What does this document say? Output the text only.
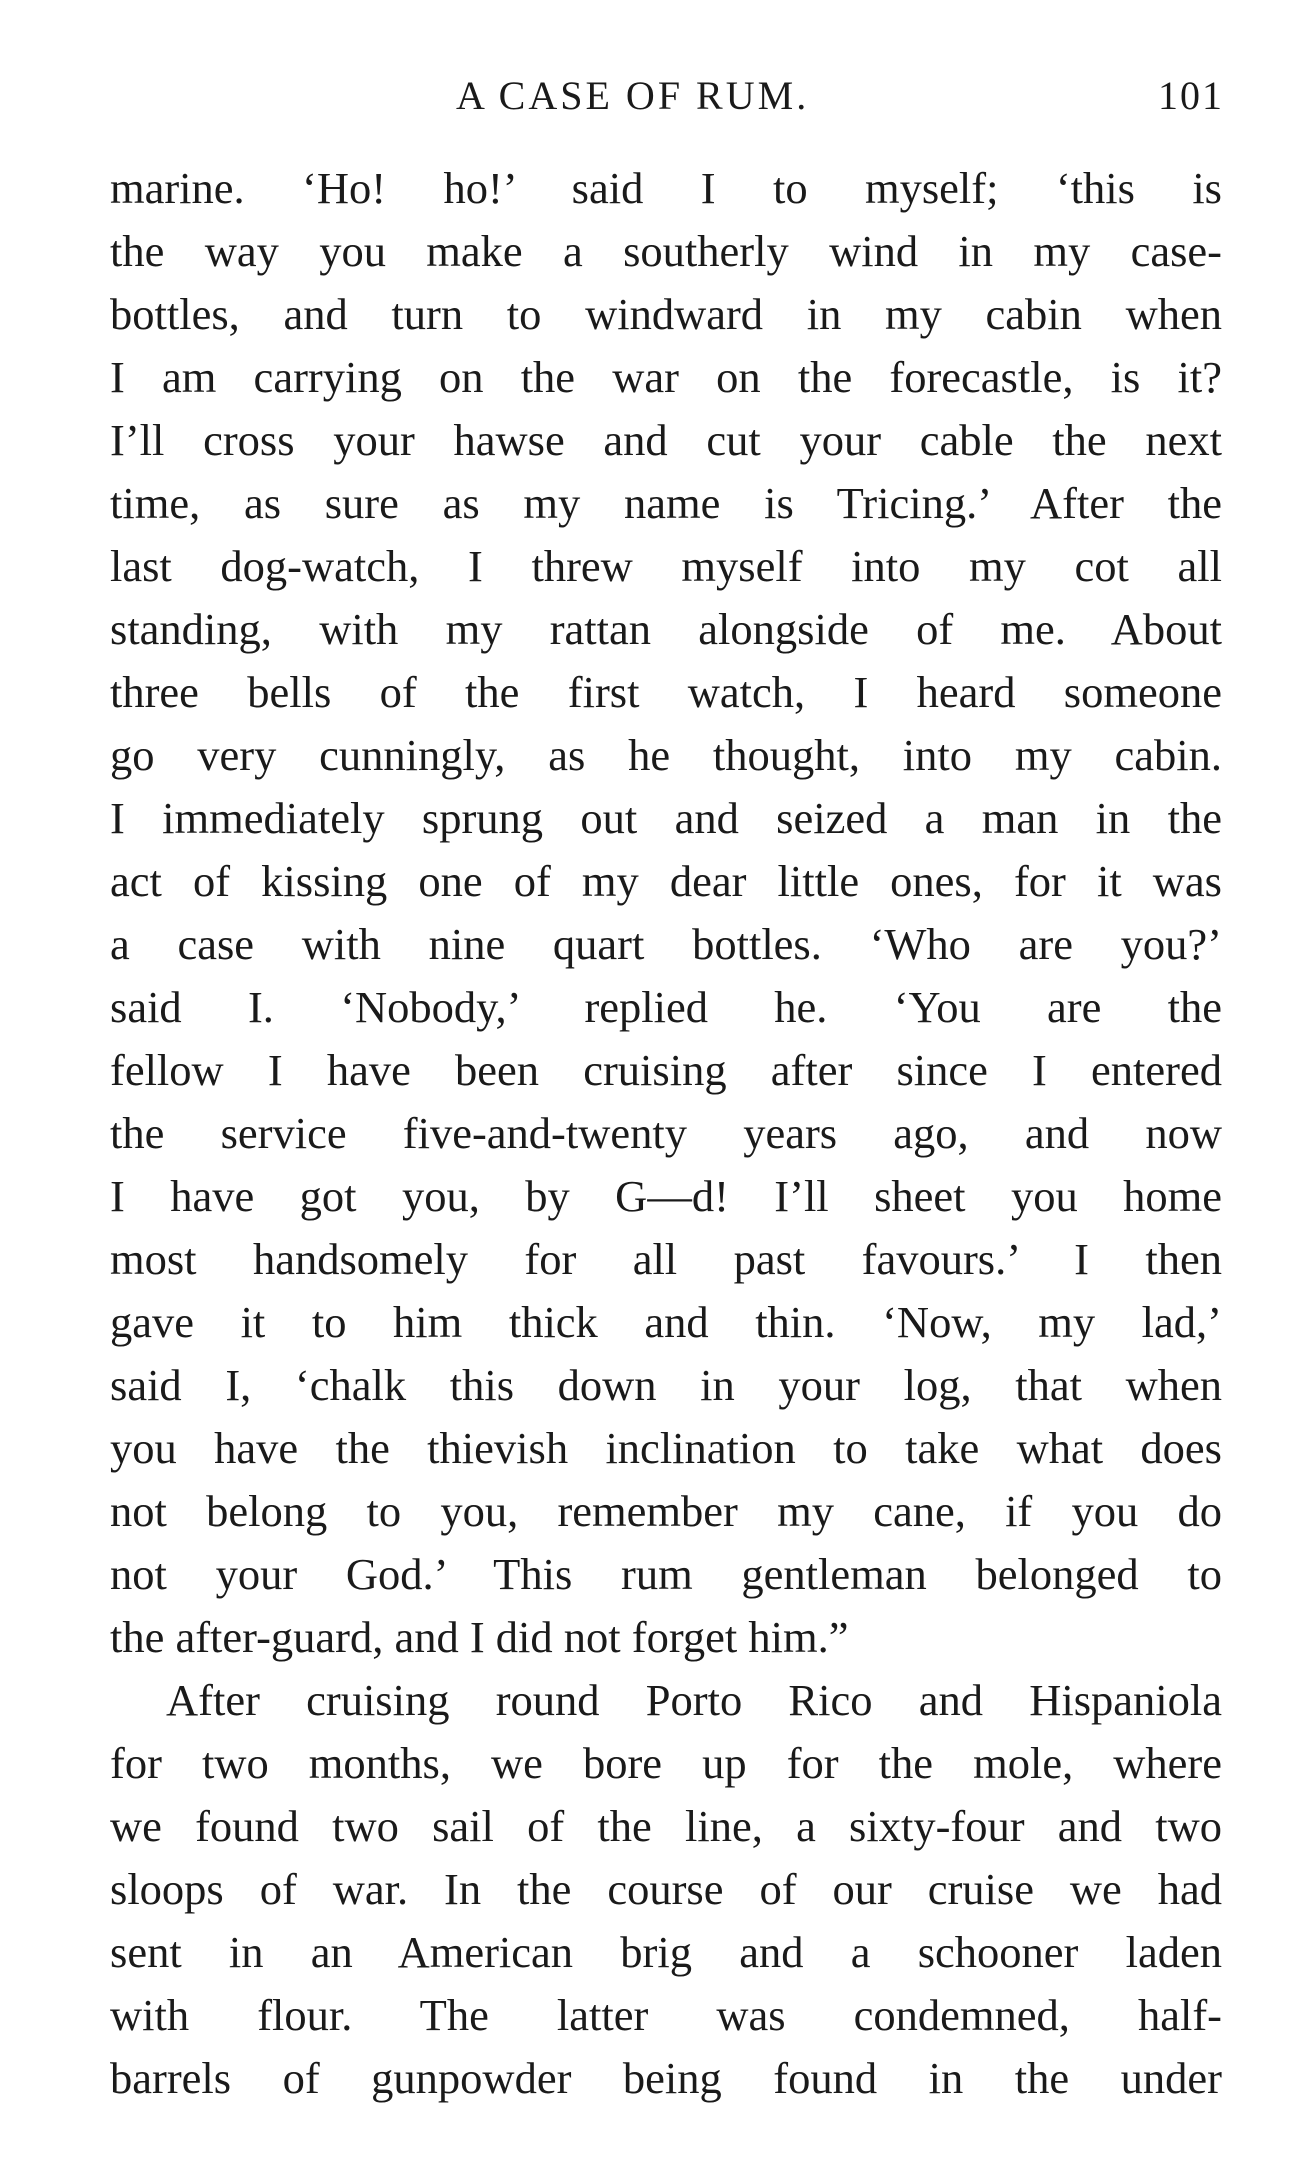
A CASE OF RUM.	101
marine. ‘Ho! ho!’ said I to myself; ‘this is
the way you make a southerly wind in my case-
bottles, and turn to windward in my cabin when
I am carrying on the war on the forecastle, is it?
I’ll cross your hawse and cut your cable the next
time, as sure as my name is Tricing.’ After the
last dog-watch, I threw myself into my cot all
standing, with my rattan alongside of me. About
three bells of the first watch, I heard someone
go very cunningly, as he thought, into my cabin.
I immediately sprung out and seized a man in the
act of kissing one of my dear little ones, for it was
a case with nine quart bottles. ‘Who are you?’
said I. ‘Nobody,’ replied he. ‘You are the
fellow I have been cruising after since I entered
the service five-and-twenty years ago, and now
I have got you, by G—d! I’ll sheet you home
most handsomely for all past favours.’ I then
gave it to him thick and thin. ‘Now, my lad,’
said I, ‘chalk this down in your log, that when
you have the thievish inclination to take what does
not belong to you, remember my cane, if you do
not your God.’ This rum gentleman belonged to
the after-guard, and I did not forget him.”
After cruising round Porto Rico and Hispaniola
for two months, we bore up for the mole, where
we found two sail of the line, a sixty-four and two
sloops of war. In the course of our cruise we had
sent in an American brig and a schooner laden
with flour. The latter was condemned, half-
barrels of gunpowder being found in the under
